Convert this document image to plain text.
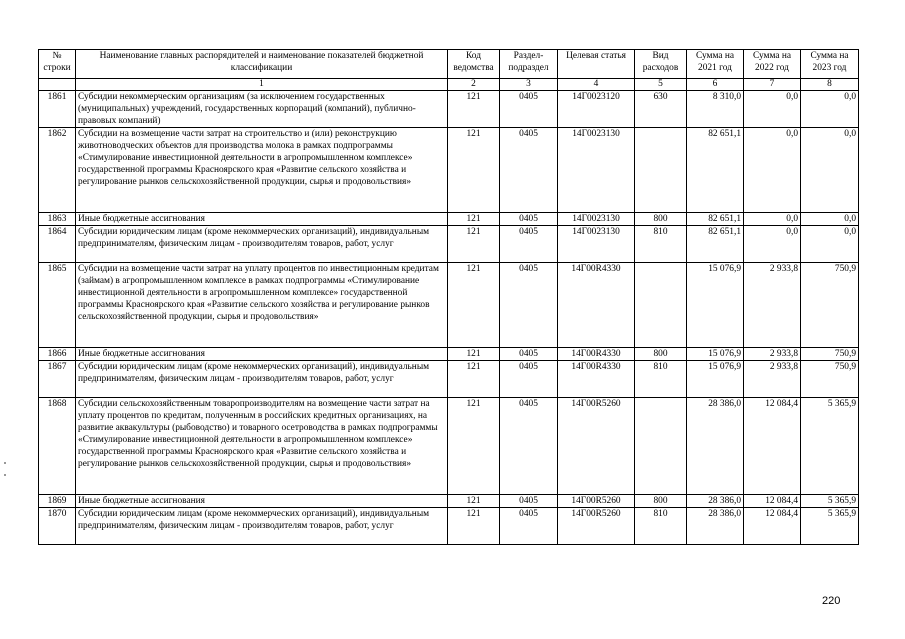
№ строки	Наименование главных распорядителей и наименование показателей бюджетной классификации	Код ведомства	Раздел- подраздел	Целевая статья	Вид расходов	Сумма на 2021 год	Сумма на 2022 год	Сумма на 2023 год
	1	2	3	4	5	6	7	8
1861	Субсидии некоммерческим организациям (за исключением государственных (муниципальных) учреждений, государственных корпораций (компаний), публично-правовых компаний)	121	0405	14Г0023120	630	8 310,0	0,0	0,0
1862	Субсидии на возмещение части затрат на строительство и (или) реконструкцию животноводческих объектов для производства молока в рамках подпрограммы «Стимулирование инвестиционной деятельности в агропромышленном комплексе» государственной программы Красноярского края «Развитие сельского хозяйства и регулирование рынков сельскохозяйственной продукции, сырья и продовольствия»	121	0405	14Г0023130		82 651,1	0,0	0,0
1863	Иные бюджетные ассигнования	121	0405	14Г0023130	800	82 651,1	0,0	0,0
1864	Субсидии юридическим лицам (кроме некоммерческих организаций), индивидуальным предпринимателям, физическим лицам - производителям товаров, работ, услуг	121	0405	14Г0023130	810	82 651,1	0,0	0,0
1865	Субсидии на возмещение части затрат на уплату процентов по инвестиционным кредитам (займам) в агропромышленном комплексе в рамках подпрограммы «Стимулирование инвестиционной деятельности в агропромышленном комплексе» государственной программы Красноярского края «Развитие сельского хозяйства и регулирование рынков сельскохозяйственной продукции, сырья и продовольствия»	121	0405	14Г00R4330		15 076,9	2 933,8	750,9
1866	Иные бюджетные ассигнования	121	0405	14Г00R4330	800	15 076,9	2 933,8	750,9
1867	Субсидии юридическим лицам (кроме некоммерческих организаций), индивидуальным предпринимателям, физическим лицам - производителям товаров, работ, услуг	121	0405	14Г00R4330	810	15 076,9	2 933,8	750,9
1868	Субсидии сельскохозяйственным товаропроизводителям на возмещение части затрат на уплату процентов по кредитам, полученным в российских кредитных организациях, на развитие аквакультуры (рыбоводство) и товарного осетроводства в рамках подпрограммы «Стимулирование инвестиционной деятельности в агропромышленном комплексе» государственной программы Красноярского края «Развитие сельского хозяйства и регулирование рынков сельскохозяйственной продукции, сырья и продовольствия»	121	0405	14Г00R5260		28 386,0	12 084,4	5 365,9
1869	Иные бюджетные ассигнования	121	0405	14Г00R5260	800	28 386,0	12 084,4	5 365,9
1870	Субсидии юридическим лицам (кроме некоммерческих организаций), индивидуальным предпринимателям, физическим лицам - производителям товаров, работ, услуг	121	0405	14Г00R5260	810	28 386,0	12 084,4	5 365,9
220
